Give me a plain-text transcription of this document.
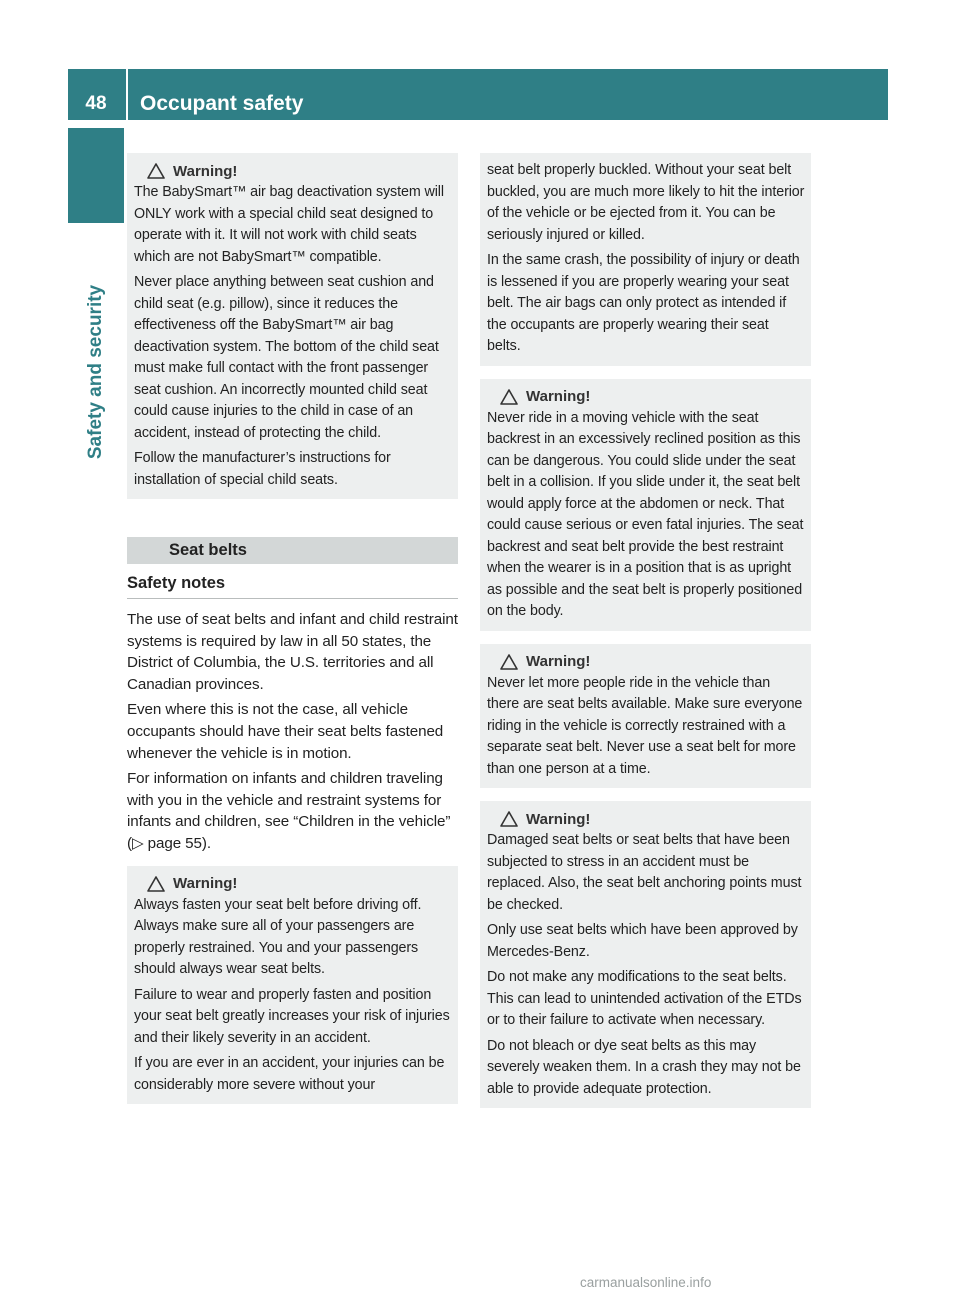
48	Occupant safety
Safety and security
Warning!

The BabySmart™ air bag deactivation system will ONLY work with a special child seat designed to operate with it. It will not work with child seats which are not BabySmart™ compatible.

Never place anything between seat cushion and child seat (e.g. pillow), since it reduces the effectiveness off the BabySmart™ air bag deactivation system. The bottom of the child seat must make full contact with the front passenger seat cushion. An incorrectly mounted child seat could cause injuries to the child in case of an accident, instead of protecting the child.

Follow the manufacturer’s instructions for installation of special child seats.

Seat belts
Safety notes

The use of seat belts and infant and child restraint systems is required by law in all 50 states, the District of Columbia, the U.S. territories and all Canadian provinces.

Even where this is not the case, all vehicle occupants should have their seat belts fastened whenever the vehicle is in motion.

For information on infants and children traveling with you in the vehicle and restraint systems for infants and children, see “Children in the vehicle” (▷ page 55).

Warning!

Always fasten your seat belt before driving off. Always make sure all of your passengers are properly restrained. You and your passengers should always wear seat belts.

Failure to wear and properly fasten and position your seat belt greatly increases your risk of injuries and their likely severity in an accident.

If you are ever in an accident, your injuries can be considerably more severe without your

seat belt properly buckled. Without your seat belt buckled, you are much more likely to hit the interior of the vehicle or be ejected from it. You can be seriously injured or killed.

In the same crash, the possibility of injury or death is lessened if you are properly wearing your seat belt. The air bags can only protect as intended if the occupants are properly wearing their seat belts.

Warning!

Never ride in a moving vehicle with the seat backrest in an excessively reclined position as this can be dangerous. You could slide under the seat belt in a collision. If you slide under it, the seat belt would apply force at the abdomen or neck. That could cause serious or even fatal injuries. The seat backrest and seat belt provide the best restraint when the wearer is in a position that is as upright as possible and the seat belt is properly positioned on the body.

Warning!

Never let more people ride in the vehicle than there are seat belts available. Make sure everyone riding in the vehicle is correctly restrained with a separate seat belt. Never use a seat belt for more than one person at a time.

Warning!

Damaged seat belts or seat belts that have been subjected to stress in an accident must be replaced. Also, the seat belt anchoring points must be checked.

Only use seat belts which have been approved by Mercedes-Benz.

Do not make any modifications to the seat belts. This can lead to unintended activation of the ETDs or to their failure to activate when necessary.

Do not bleach or dye seat belts as this may severely weaken them. In a crash they may not be able to provide adequate protection.

carmanualsonline.info
